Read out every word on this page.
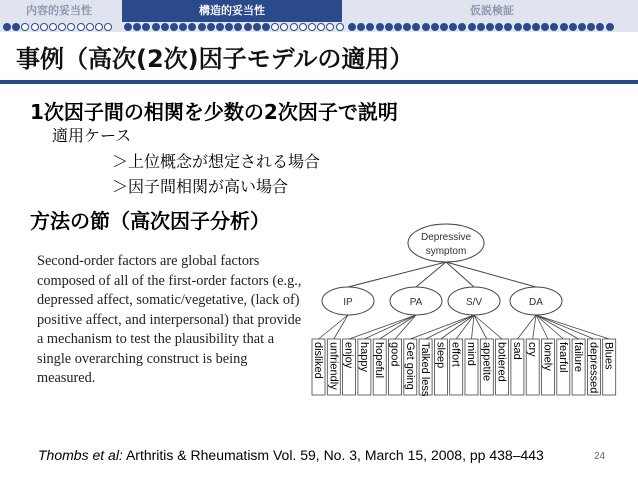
内容的妥当性	構造的妥当性	仮説検証
事例（高次(2次)因子モデルの適用）
1次因子間の相関を少数の2次因子で説明
適用ケース
＞上位概念が想定される場合
＞因子間相関が高い場合
方法の節（高次因子分析）
Second-order factors are global factors composed of all of the first-order factors (e.g., depressed affect, somatic/vegetative, (lack of) positive affect, and interpersonal) that provide a mechanism to test the plausibility that a single overarching construct is being measured.
Depressive
symptom
IP
disliked unfriendly
PA
enjoy happy hopeful good
S/V
Get going Talked less sleep effort mind appetite botiered
DA
sad cry lonely fearful failure depressed Blues
Thombs et al: Arthritis & Rheumatism Vol. 59, No. 3, March 15, 2008, pp 438–443	24
